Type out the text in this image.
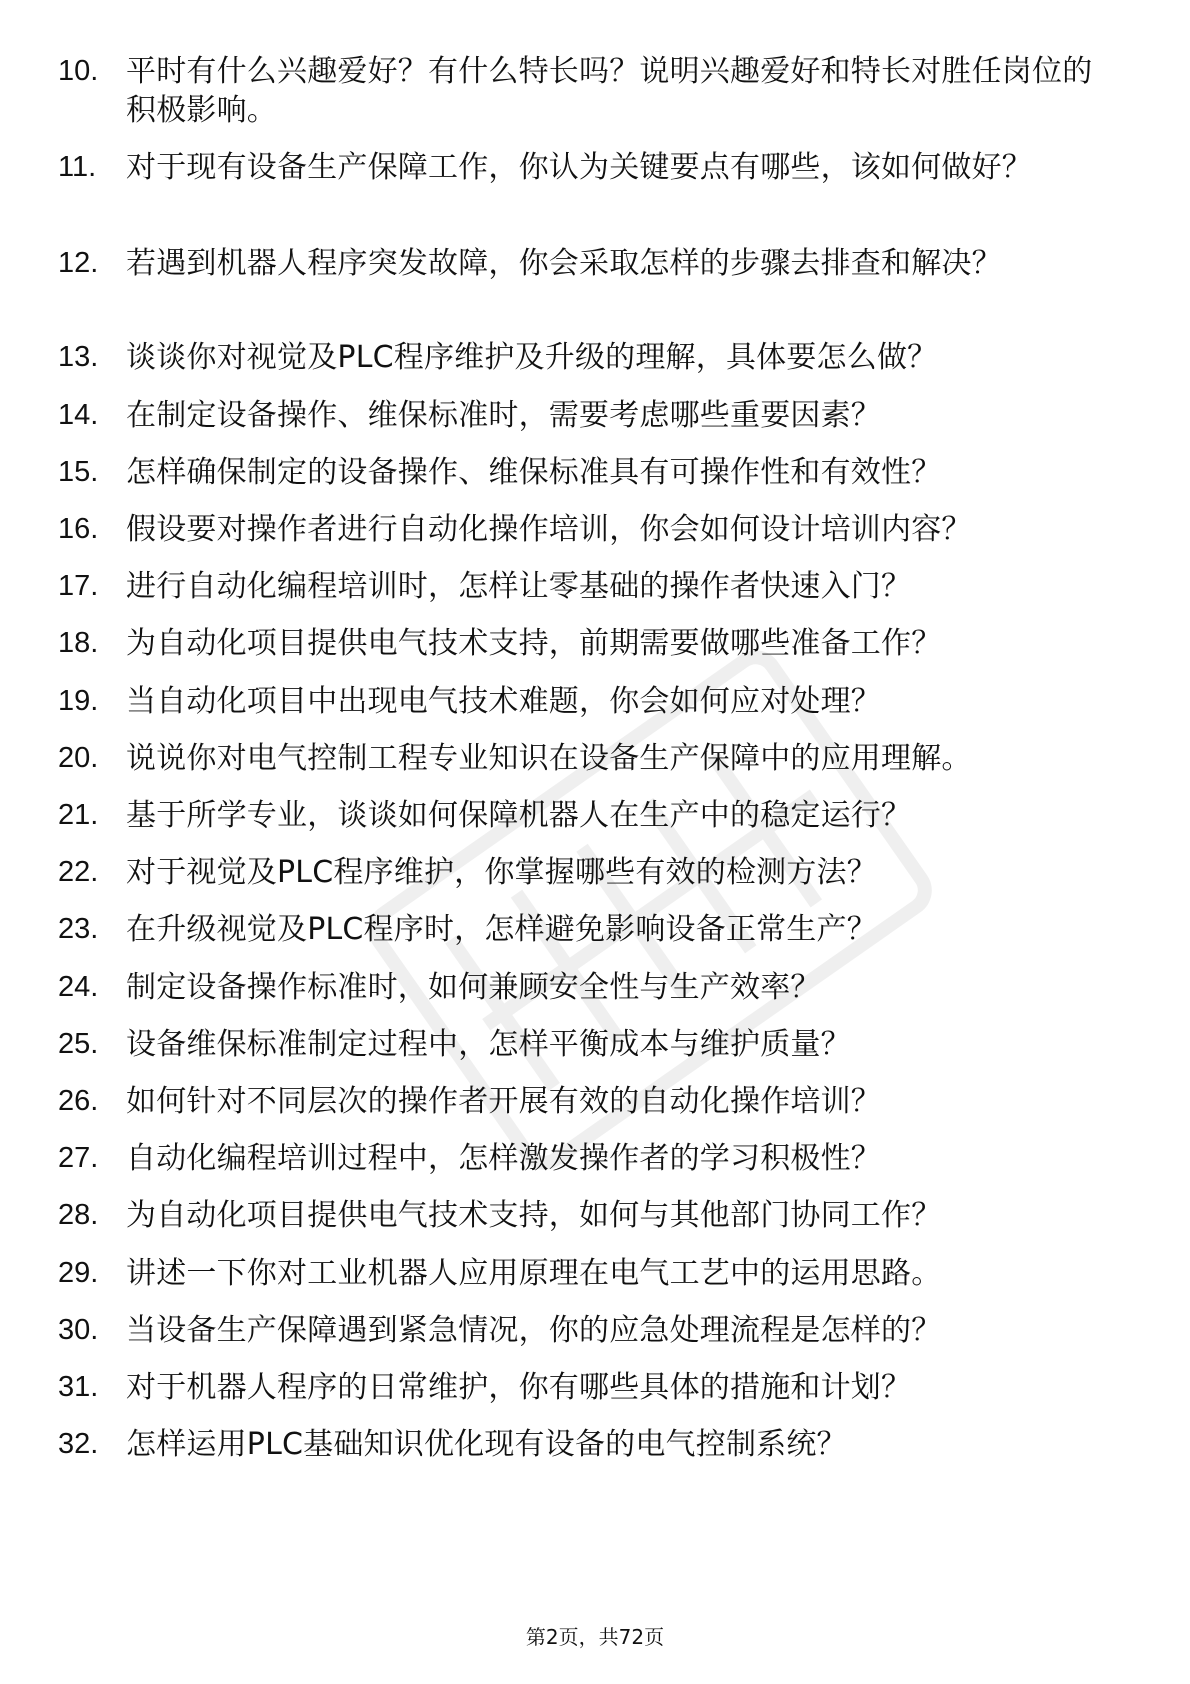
10. 平时有什么兴趣爱好？有什么特长吗？说明兴趣爱好和特长对胜任岗位的积极影响。
11. 对于现有设备生产保障工作，你认为关键要点有哪些，该如何做好？
12. 若遇到机器人程序突发故障，你会采取怎样的步骤去排查和解决？
13. 谈谈你对视觉及PLC程序维护及升级的理解，具体要怎么做？
14. 在制定设备操作、维保标准时，需要考虑哪些重要因素？
15. 怎样确保制定的设备操作、维保标准具有可操作性和有效性？
16. 假设要对操作者进行自动化操作培训，你会如何设计培训内容？
17. 进行自动化编程培训时，怎样让零基础的操作者快速入门？
18. 为自动化项目提供电气技术支持，前期需要做哪些准备工作？
19. 当自动化项目中出现电气技术难题，你会如何应对处理？
20. 说说你对电气控制工程专业知识在设备生产保障中的应用理解。
21. 基于所学专业，谈谈如何保障机器人在生产中的稳定运行？
22. 对于视觉及PLC程序维护，你掌握哪些有效的检测方法？
23. 在升级视觉及PLC程序时，怎样避免影响设备正常生产？
24. 制定设备操作标准时，如何兼顾安全性与生产效率？
25. 设备维保标准制定过程中，怎样平衡成本与维护质量？
26. 如何针对不同层次的操作者开展有效的自动化操作培训？
27. 自动化编程培训过程中，怎样激发操作者的学习积极性？
28. 为自动化项目提供电气技术支持，如何与其他部门协同工作？
29. 讲述一下你对工业机器人应用原理在电气工艺中的运用思路。
30. 当设备生产保障遇到紧急情况，你的应急处理流程是怎样的？
31. 对于机器人程序的日常维护，你有哪些具体的措施和计划？
32. 怎样运用PLC基础知识优化现有设备的电气控制系统？
第2页，共72页
